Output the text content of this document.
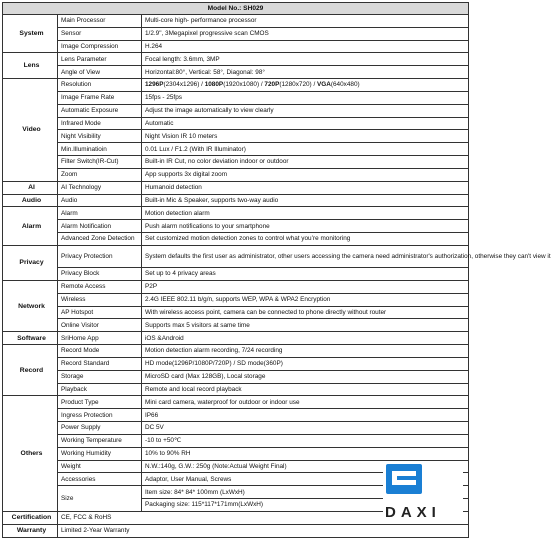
Model No.: SH029		
System	Main Processor	Multi-core high- performance processor
	Sensor	1/2.9", 3Megapixel progressive scan CMOS
	Image Compression	H.264
Lens	Lens Parameter	Focal length: 3.6mm, 3MP
	Angle of View	Horizontal:80°, Vertical: 58°, Diagonal: 98°
Video	Resolution	1296P(2304x1296) / 1080P(1920x1080) / 720P(1280x720) / VGA(640x480)
	Image Frame Rate	15fps - 25fps
	Automatic Exposure	Adjust the image automatically to view clearly
	Infrared Mode	Automatic
	Night Visibility	Night Vision IR 10 meters
	Min.Illuminatioin	0.01 Lux / F1.2 (With IR Illuminator)
	Filter Switch(IR-Cut)	Built-in IR Cut, no color deviation indoor or outdoor
	Zoom	App supports 3x digital zoom
AI	AI Technology	Humanoid detection
Audio	Audio	Built-in Mic & Speaker, supports two-way audio
Alarm	Alarm	Motion detection alarm
	Alarm Notification	Push alarm notifications to your smartphone
	Advanced Zone Detection	Set customized motion detection zones to control what you’re monitoring
Privacy	Privacy Protection	System defaults the first user as administrator, other users accessing the camera need administrator's authorization, otherwise they can't view it
	Privacy Block	Set up to 4 privacy areas
Network	Remote Access	P2P
	Wireless	2.4G IEEE 802.11 b/g/n, supports WEP, WPA & WPA2 Encryption
	AP Hotspot	With wireless access point, camera can be connected to phone directly without router
	Online Visitor	Supports max 5 visitors at same time
Software	SriHome App	iOS &Android
Record	Record Mode	Motion detection alarm recording, 7/24 recording
	Record Standard	HD mode(1296P/1080P/720P) / SD mode(360P)
	Storage	MicroSD card (Max 128GB), Local storage
	Playback	Remote and local record playback
Others	Product Type	Mini card camera, waterproof for outdoor or indoor use
	Ingress Protection	IP66
	Power Supply	DC 5V
	Working Temperature	-10 to +50℃
	Working Humidity	10% to 90% RH
	Weight	N.W.:140g, G.W.: 250g (Note:Actual Weight Final)
	Accessories	Adaptor, User Manual, Screws
	Size	Item size: 84* 84* 100mm (LxWxH)
		Packaging size: 115*117*171mm(LxWxH)
Certification	CE, FCC & RoHS	
Warranty	Limited 2-Year Warranty	
DAXI
